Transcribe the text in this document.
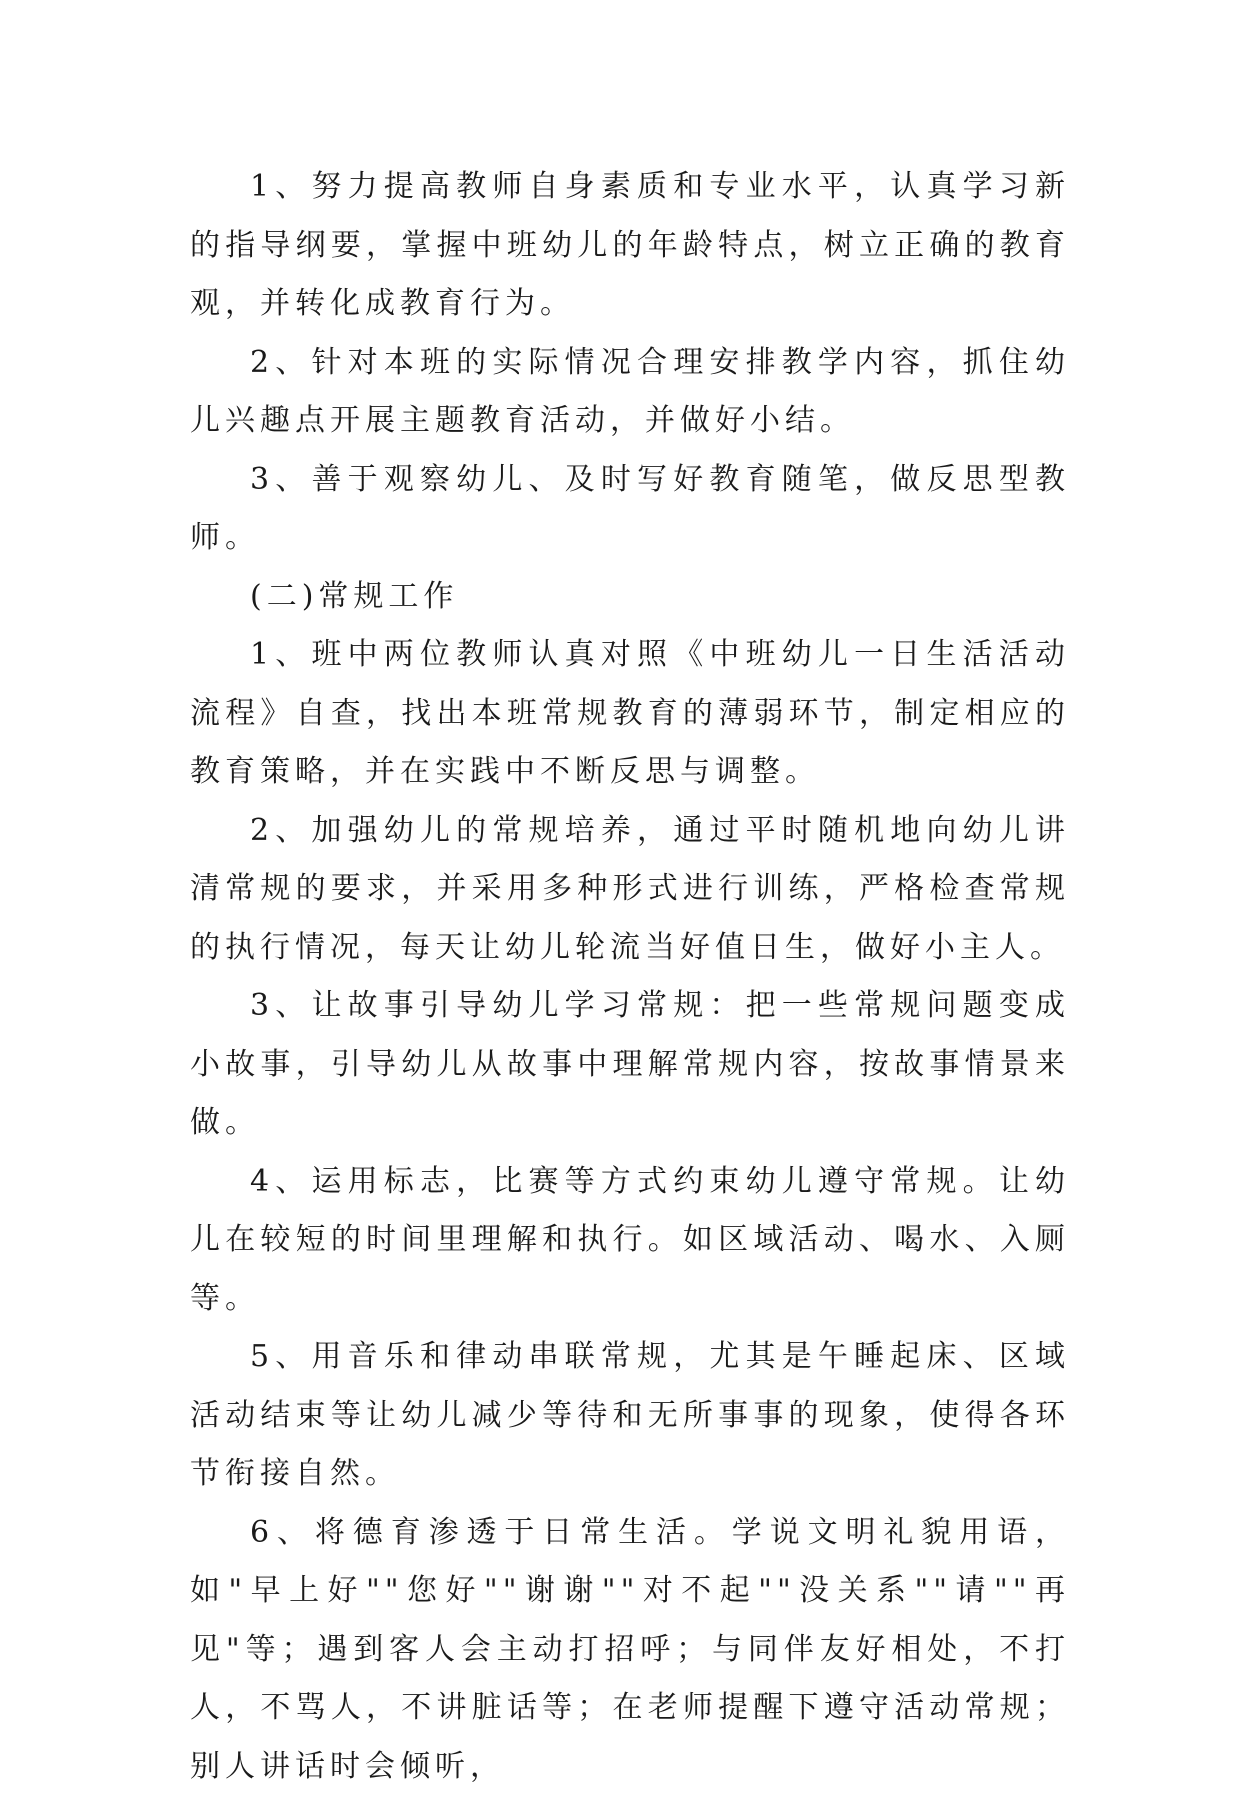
1、努力提高教师自身素质和专业水平，认真学习新的指导纲要，掌握中班幼儿的年龄特点，树立正确的教育观，并转化成教育行为。

2、针对本班的实际情况合理安排教学内容，抓住幼儿兴趣点开展主题教育活动，并做好小结。

3、善于观察幼儿、及时写好教育随笔，做反思型教师。

(二)常规工作

1、班中两位教师认真对照《中班幼儿一日生活活动流程》自查，找出本班常规教育的薄弱环节，制定相应的教育策略，并在实践中不断反思与调整。

2、加强幼儿的常规培养，通过平时随机地向幼儿讲清常规的要求，并采用多种形式进行训练，严格检查常规的执行情况，每天让幼儿轮流当好值日生，做好小主人。

3、让故事引导幼儿学习常规：把一些常规问题变成小故事，引导幼儿从故事中理解常规内容，按故事情景来做。

4、运用标志，比赛等方式约束幼儿遵守常规。让幼儿在较短的时间里理解和执行。如区域活动、喝水、入厕等。

5、用音乐和律动串联常规，尤其是午睡起床、区域活动结束等让幼儿减少等待和无所事事的现象，使得各环节衔接自然。

6、将德育渗透于日常生活。学说文明礼貌用语，如"早上好""您好""谢谢""对不起""没关系""请""再见"等；遇到客人会主动打招呼；与同伴友好相处，不打人，不骂人，不讲脏话等；在老师提醒下遵守活动常规；别人讲话时会倾听，
